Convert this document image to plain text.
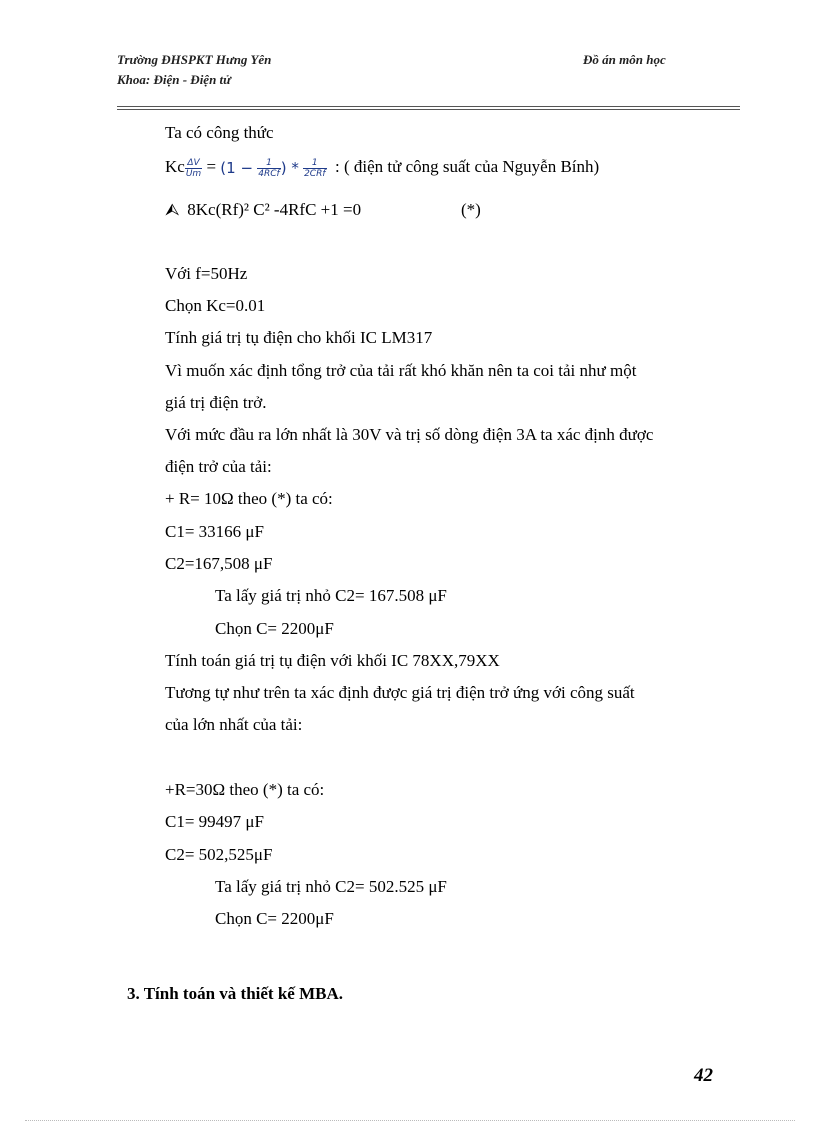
Trường ĐHSPKT Hưng Yên
Khoa: Điện - Điện tử
Đồ án môn học
Ta có công thức
Kc $\frac{\Delta V}{Um} = (1 - \frac{1}{\text{4RCf}}$ ) * $\frac{1}{\text{2CRf}}$ : ( điện tử công suất của Nguyễn Bính)
⮙ 8Kc(Rf)² C² -4RfC +1 =0	(*)
Với f=50Hz
Chọn Kc=0.01
Tính giá trị tụ điện cho khối IC LM317
Vì muốn xác định tổng trở của tải rất khó khăn nên ta coi tải như một
giá trị điện trở.
Với mức đầu ra lớn nhất là 30V và trị số dòng điện 3A ta xác định được
điện trở của tải:
+ R= 10Ω theo (*) ta có:
C1= 33166 μF
C2=167,508 μF
Ta lấy giá trị nhỏ C2= 167.508 μF
Chọn C= 2200μF
Tính toán giá trị tụ điện với khối IC 78XX,79XX
Tương tự như trên ta xác định được giá trị điện trở ứng với công suất
của lớn nhất của tải:
+R=30Ω theo (*) ta có:
C1= 99497 μF
C2= 502,525μF
Ta lấy giá trị nhỏ C2= 502.525 μF
Chọn C= 2200μF
3. Tính toán và thiết kế MBA.
42
